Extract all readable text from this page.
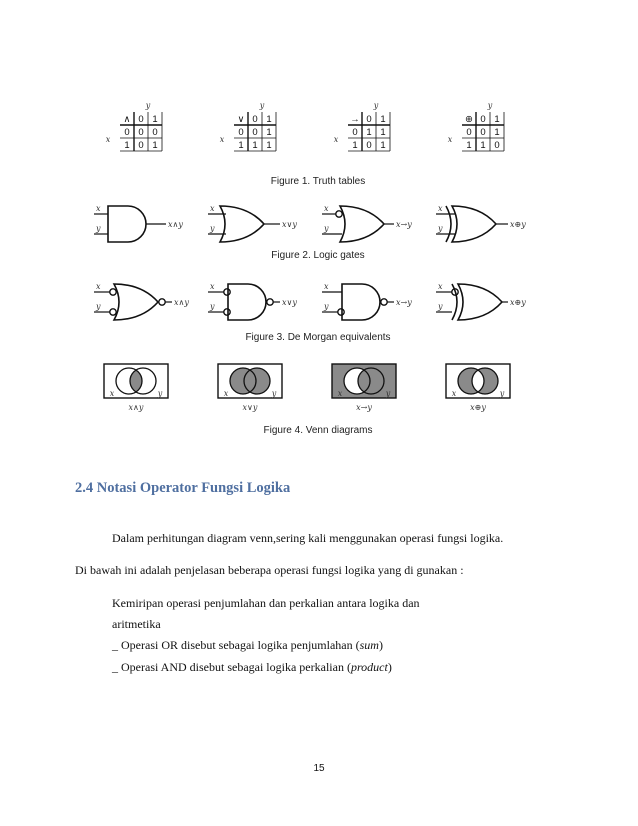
y
x
∧ 0 1
0 0 0
1 0 1
y
x
∨ 0 1
0 0 1
1 1 1
y
x
→ 0 1
0 1 1
1 0 1
y
x
⊕ 0 1
0 0 1
1 1 0
Figure 1. Truth tables
x
y	x∧y
x
y	x∨y
x
y	x→y
x
y	x⊕y
Figure 2. Logic gates
x
y	x∧y
x
y	x∨y
x
y	x→y
x
y	x⊕y
Figure 3. De Morgan equivalents
x	y
x∧y
x	y
x∨y
x	y
x→y
x	y
x⊕y
Figure 4. Venn diagrams
2.4 Notasi Operator Fungsi Logika
Dalam perhitungan diagram venn,sering kali menggunakan operasi fungsi logika.
Di bawah ini adalah penjelasan beberapa operasi fungsi logika yang di gunakan :
Kemiripan operasi penjumlahan dan perkalian antara logika dan
aritmetika
_ Operasi OR disebut sebagai logika penjumlahan (sum)
_ Operasi AND disebut sebagai logika perkalian (product)
15
